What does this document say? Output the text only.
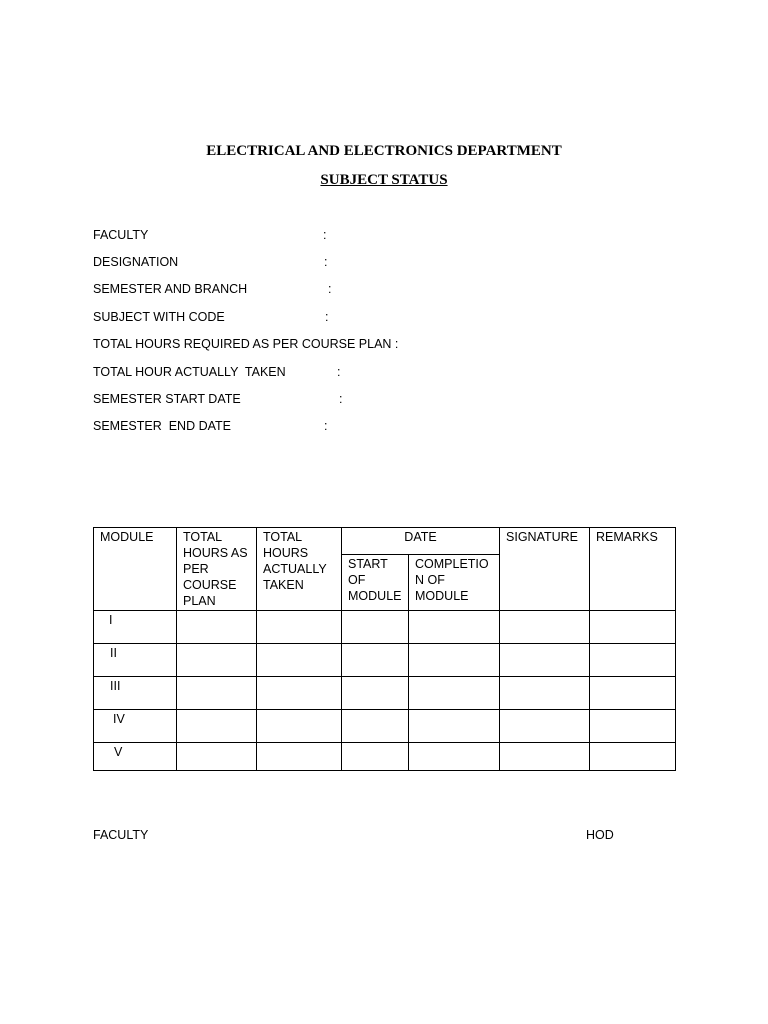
ELECTRICAL AND ELECTRONICS DEPARTMENT
SUBJECT STATUS
FACULTY	:
DESIGNATION	:
SEMESTER AND BRANCH	:
SUBJECT WITH CODE	:
TOTAL HOURS REQUIRED AS PER COURSE PLAN :
TOTAL HOUR ACTUALLY  TAKEN	:
SEMESTER START DATE	:
SEMESTER  END DATE	:
MODULE	TOTAL HOURS AS PER COURSE PLAN	TOTAL HOURS ACTUALLY TAKEN	DATE		SIGNATURE	REMARKS
			START OF MODULE	COMPLETIO N OF MODULE		
I						
II						
III						
IV						
V						
FACULTY	HOD
